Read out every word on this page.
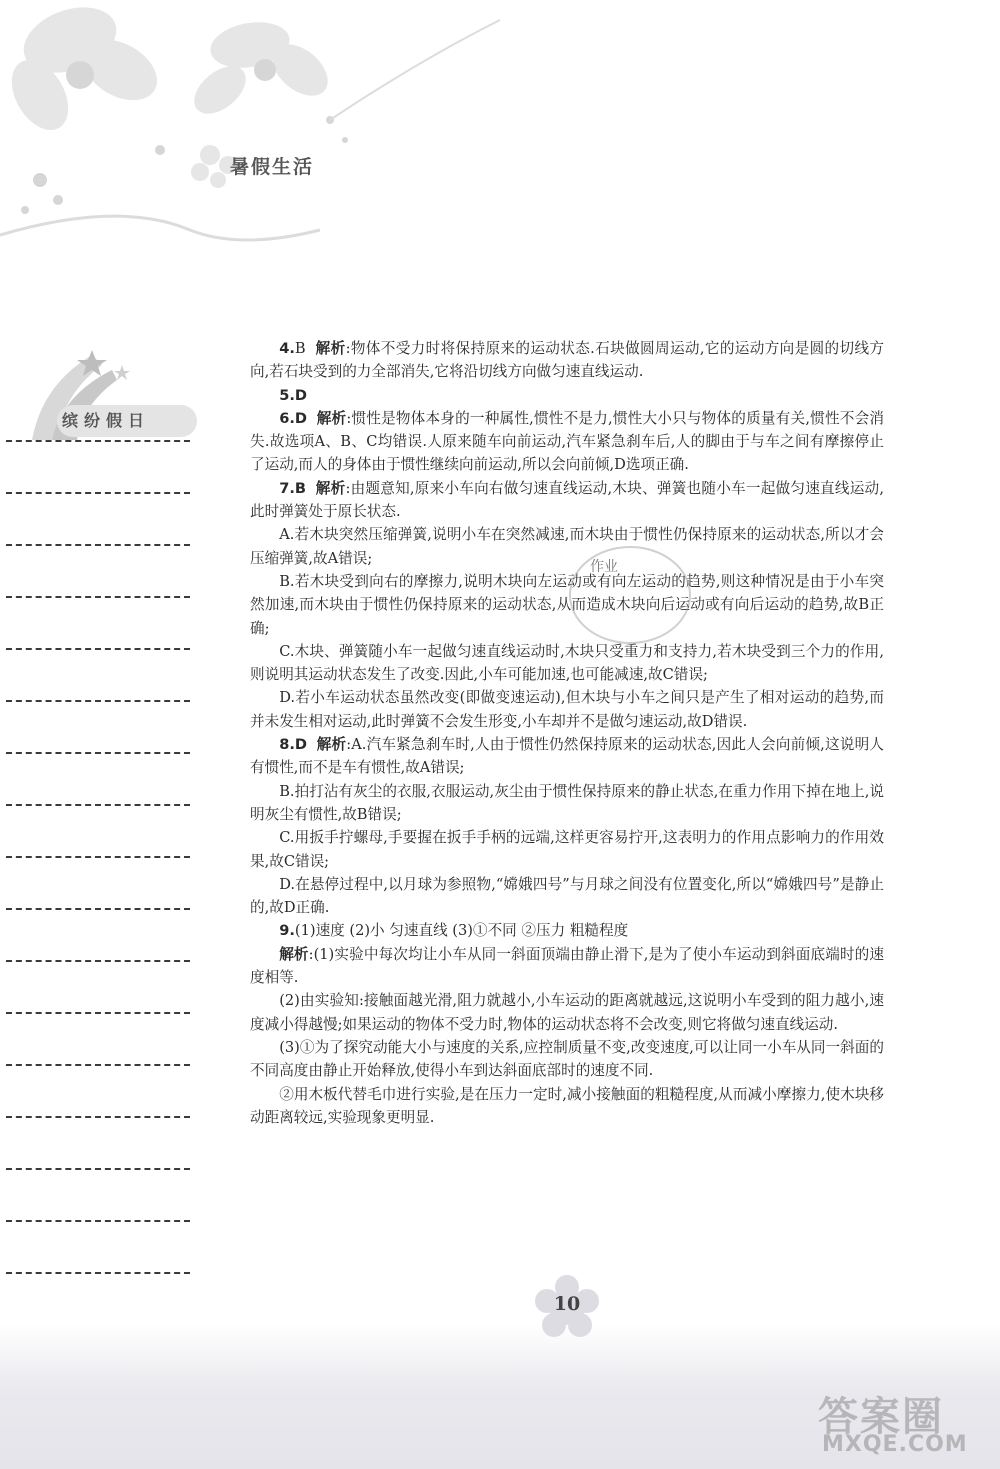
暑假生活
缤纷假日

4.B 解析:物体不受力时将保持原来的运动状态.石块做圆周运动,它的运动方向是圆的切线方向,若石块受到的力全部消失,它将沿切线方向做匀速直线运动.

5.D

6.D 解析:惯性是物体本身的一种属性,惯性不是力,惯性大小只与物体的质量有关,惯性不会消失.故选项A、B、C均错误.人原来随车向前运动,汽车紧急刹车后,人的脚由于与车之间有摩擦停止了运动,而人的身体由于惯性继续向前运动,所以会向前倾,D选项正确.

7.B 解析:由题意知,原来小车向右做匀速直线运动,木块、弹簧也随小车一起做匀速直线运动,此时弹簧处于原长状态.

A.若木块突然压缩弹簧,说明小车在突然减速,而木块由于惯性仍保持原来的运动状态,所以才会压缩弹簧,故A错误;

B.若木块受到向右的摩擦力,说明木块向左运动或有向左运动的趋势,则这种情况是由于小车突然加速,而木块由于惯性仍保持原来的运动状态,从而造成木块向后运动或有向后运动的趋势,故B正确;

C.木块、弹簧随小车一起做匀速直线运动时,木块只受重力和支持力,若木块受到三个力的作用,则说明其运动状态发生了改变.因此,小车可能加速,也可能减速,故C错误;

D.若小车运动状态虽然改变(即做变速运动),但木块与小车之间只是产生了相对运动的趋势,而并未发生相对运动,此时弹簧不会发生形变,小车却并不是做匀速运动,故D错误.

8.D 解析:A.汽车紧急刹车时,人由于惯性仍然保持原来的运动状态,因此人会向前倾,这说明人有惯性,而不是车有惯性,故A错误;

B.拍打沾有灰尘的衣服,衣服运动,灰尘由于惯性保持原来的静止状态,在重力作用下掉在地上,说明灰尘有惯性,故B错误;

C.用扳手拧螺母,手要握在扳手手柄的远端,这样更容易拧开,这表明力的作用点影响力的作用效果,故C错误;

D.在悬停过程中,以月球为参照物,“嫦娥四号”与月球之间没有位置变化,所以“嫦娥四号”是静止的,故D正确.

9.(1)速度 (2)小 匀速直线 (3)①不同 ②压力 粗糙程度

解析:(1)实验中每次均让小车从同一斜面顶端由静止滑下,是为了使小车运动到斜面底端时的速度相等.

(2)由实验知:接触面越光滑,阻力就越小,小车运动的距离就越远,这说明小车受到的阻力越小,速度减小得越慢;如果运动的物体不受力时,物体的运动状态将不会改变,则它将做匀速直线运动.

(3)①为了探究动能大小与速度的关系,应控制质量不变,改变速度,可以让同一小车从同一斜面的不同高度由静止开始释放,使得小车到达斜面底部时的速度不同.

②用木板代替毛巾进行实验,是在压力一定时,减小接触面的粗糙程度,从而减小摩擦力,使木块移动距离较远,实验现象更明显.

作业
10
答案圈
MXQE.COM
